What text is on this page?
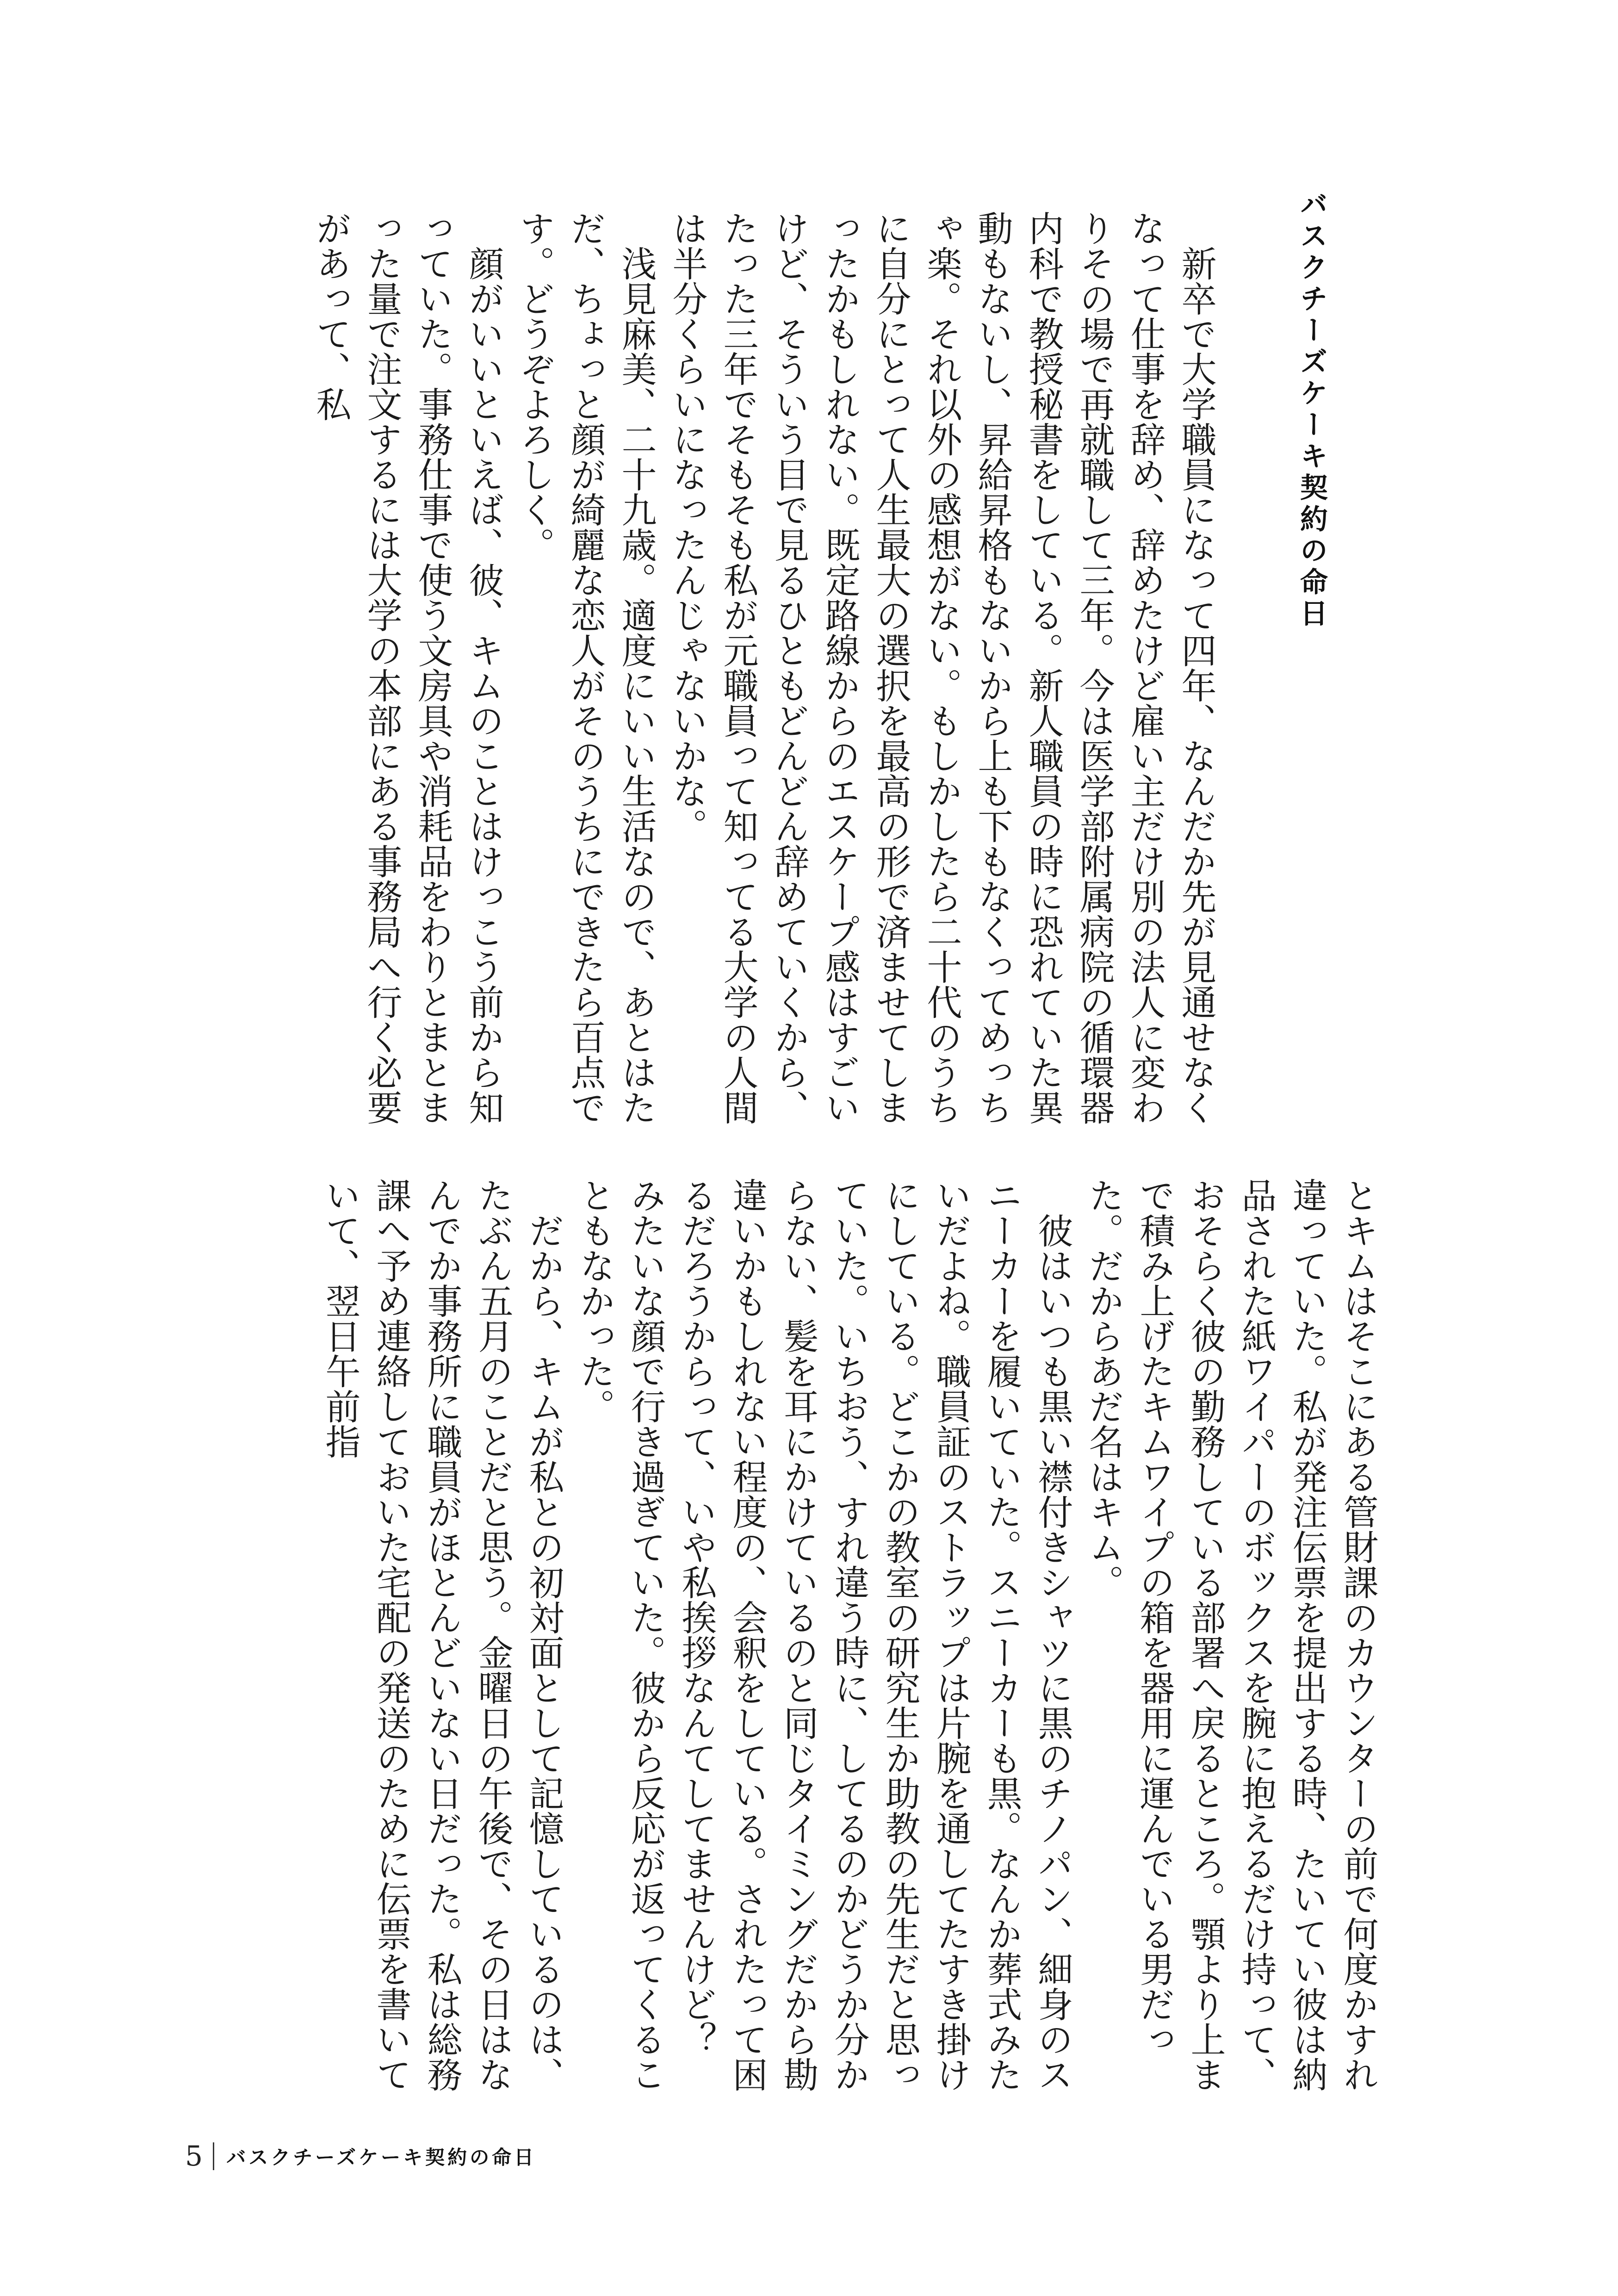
バスクチーズケーキ契約の命日

　新卒で大学職員になって四年、なんだか先が見通せなくなって仕事を辞め、辞めたけど雇い主だけ別の法人に変わりその場で再就職して三年。今は医学部附属病院の循環器内科で教授秘書をしている。新人職員の時に恐れていた異動もないし、昇給昇格もないから上も下もなくってめっちゃ楽。それ以外の感想がない。もしかしたら二十代のうちに自分にとって人生最大の選択を最高の形で済ませてしまったかもしれない。既定路線からのエスケープ感はすごいけど、そういう目で見るひともどんどん辞めていくから、たった三年でそもそも私が元職員って知ってる大学の人間は半分くらいになったんじゃないかな。

　浅見麻美、二十九歳。適度にいい生活なので、あとはただ、ちょっと顔が綺麗な恋人がそのうちにできたら百点です。どうぞよろしく。

　顔がいいといえば、彼、キムのことはけっこう前から知っていた。事務仕事で使う文房具や消耗品をわりとまとまった量で注文するには大学の本部にある事務局へ行く必要があって、私

とキムはそこにある管財課のカウンターの前で何度かすれ違っていた。私が発注伝票を提出する時、たいてい彼は納品された紙ワイパーのボックスを腕に抱えるだけ持って、おそらく彼の勤務している部署へ戻るところ。顎より上まで積み上げたキムワイプの箱を器用に運んでいる男だった。だからあだ名はキム。

　彼はいつも黒い襟付きシャツに黒のチノパン、細身のスニーカーを履いていた。スニーカーも黒。なんか葬式みたいだよね。職員証のストラップは片腕を通してたすき掛けにしている。どこかの教室の研究生か助教の先生だと思っていた。いちおう、すれ違う時に、してるのかどうか分からない、髪を耳にかけているのと同じタイミングだから勘違いかもしれない程度の、会釈をしている。されたって困るだろうからって、いや私挨拶なんてしてませんけど？　みたいな顔で行き過ぎていた。彼から反応が返ってくることもなかった。

　だから、キムが私との初対面として記憶しているのは、たぶん五月のことだと思う。金曜日の午後で、その日はなんでか事務所に職員がほとんどいない日だった。私は総務課へ予め連絡しておいた宅配の発送のために伝票を書いていて、翌日午前指

5 バスクチーズケーキ契約の命日
